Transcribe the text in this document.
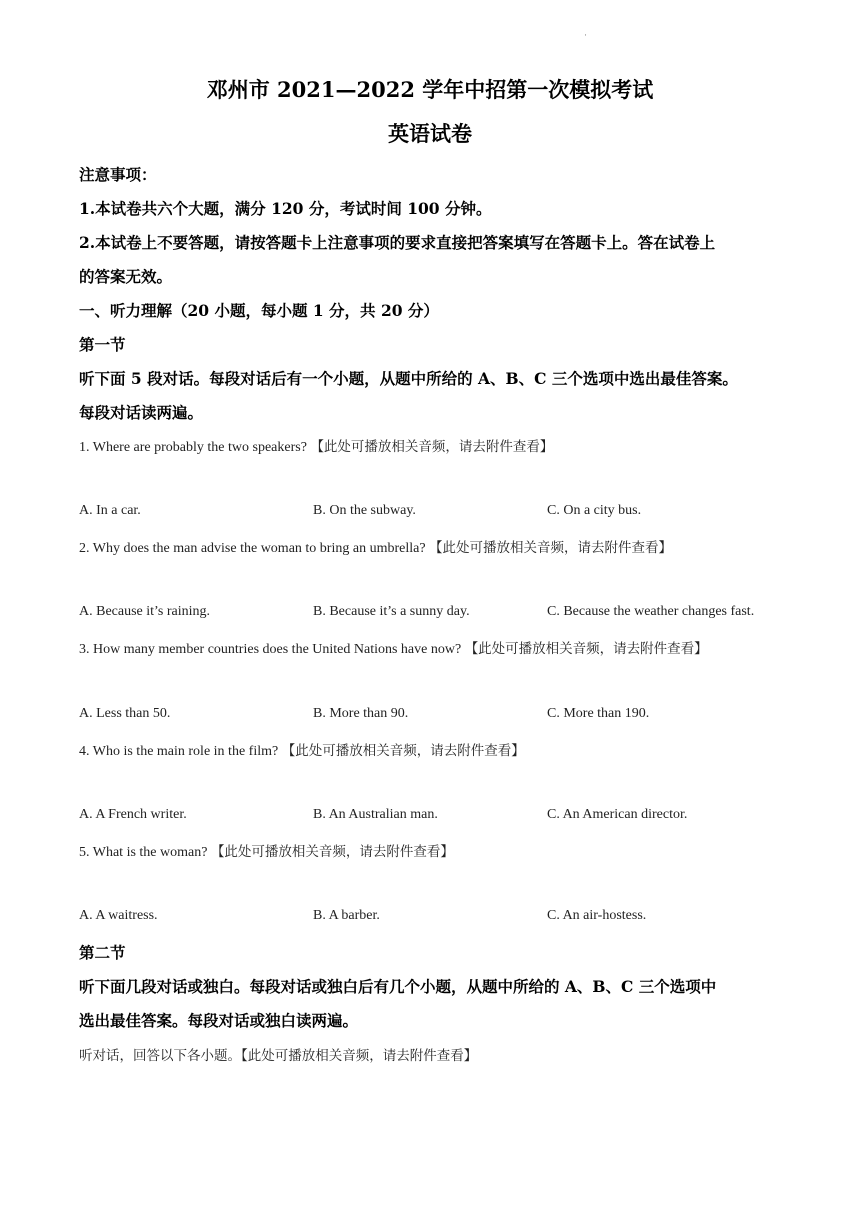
·
邓州市 2021—2022 学年中招第一次模拟考试
英语试卷
注意事项：
1.本试卷共六个大题，满分 120 分，考试时间 100 分钟。
2.本试卷上不要答题，请按答题卡上注意事项的要求直接把答案填写在答题卡上。答在试卷上
的答案无效。
一、听力理解（20 小题，每小题 1 分，共 20 分）
第一节
听下面 5 段对话。每段对话后有一个小题，从题中所给的 A、B、C 三个选项中选出最佳答案。
每段对话读两遍。
1. Where are probably the two speakers? 【此处可播放相关音频，请去附件查看】
A. In a car.	B. On the subway.	C. On a city bus.
2. Why does the man advise the woman to bring an umbrella? 【此处可播放相关音频，请去附件查看】
A. Because it’s raining.	B. Because it’s a sunny day.	C. Because the weather changes fast.
3. How many member countries does the United Nations have now? 【此处可播放相关音频，请去附件查看】
A. Less than 50.	B. More than 90.	C. More than 190.
4. Who is the main role in the film? 【此处可播放相关音频，请去附件查看】
A. A French writer.	B. An Australian man.	C. An American director.
5. What is the woman? 【此处可播放相关音频，请去附件查看】
A. A waitress.	B. A barber.	C. An air-hostess.
第二节
听下面几段对话或独白。每段对话或独白后有几个小题，从题中所给的 A、B、C 三个选项中
选出最佳答案。每段对话或独白读两遍。
听对话，回答以下各小题。【此处可播放相关音频，请去附件查看】
